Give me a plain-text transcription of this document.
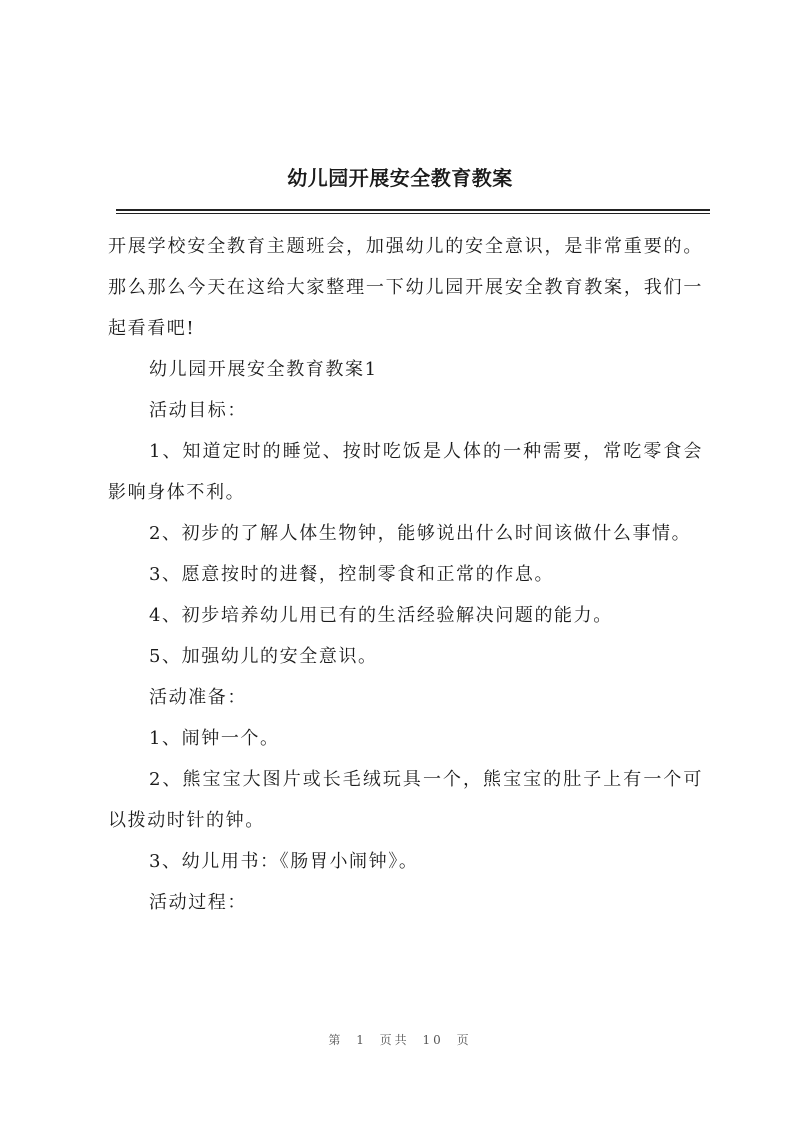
幼儿园开展安全教育教案

开展学校安全教育主题班会，加强幼儿的安全意识，是非常重要的。那么那么今天在这给大家整理一下幼儿园开展安全教育教案，我们一起看看吧!

幼儿园开展安全教育教案1

活动目标：

1、知道定时的睡觉、按时吃饭是人体的一种需要，常吃零食会影响身体不利。

2、初步的了解人体生物钟，能够说出什么时间该做什么事情。

3、愿意按时的进餐，控制零食和正常的作息。

4、初步培养幼儿用已有的生活经验解决问题的能力。

5、加强幼儿的安全意识。

活动准备：

1、闹钟一个。

2、熊宝宝大图片或长毛绒玩具一个，熊宝宝的肚子上有一个可以拨动时针的钟。

3、幼儿用书：《肠胃小闹钟》。

活动过程：

第 1 页共 10 页
